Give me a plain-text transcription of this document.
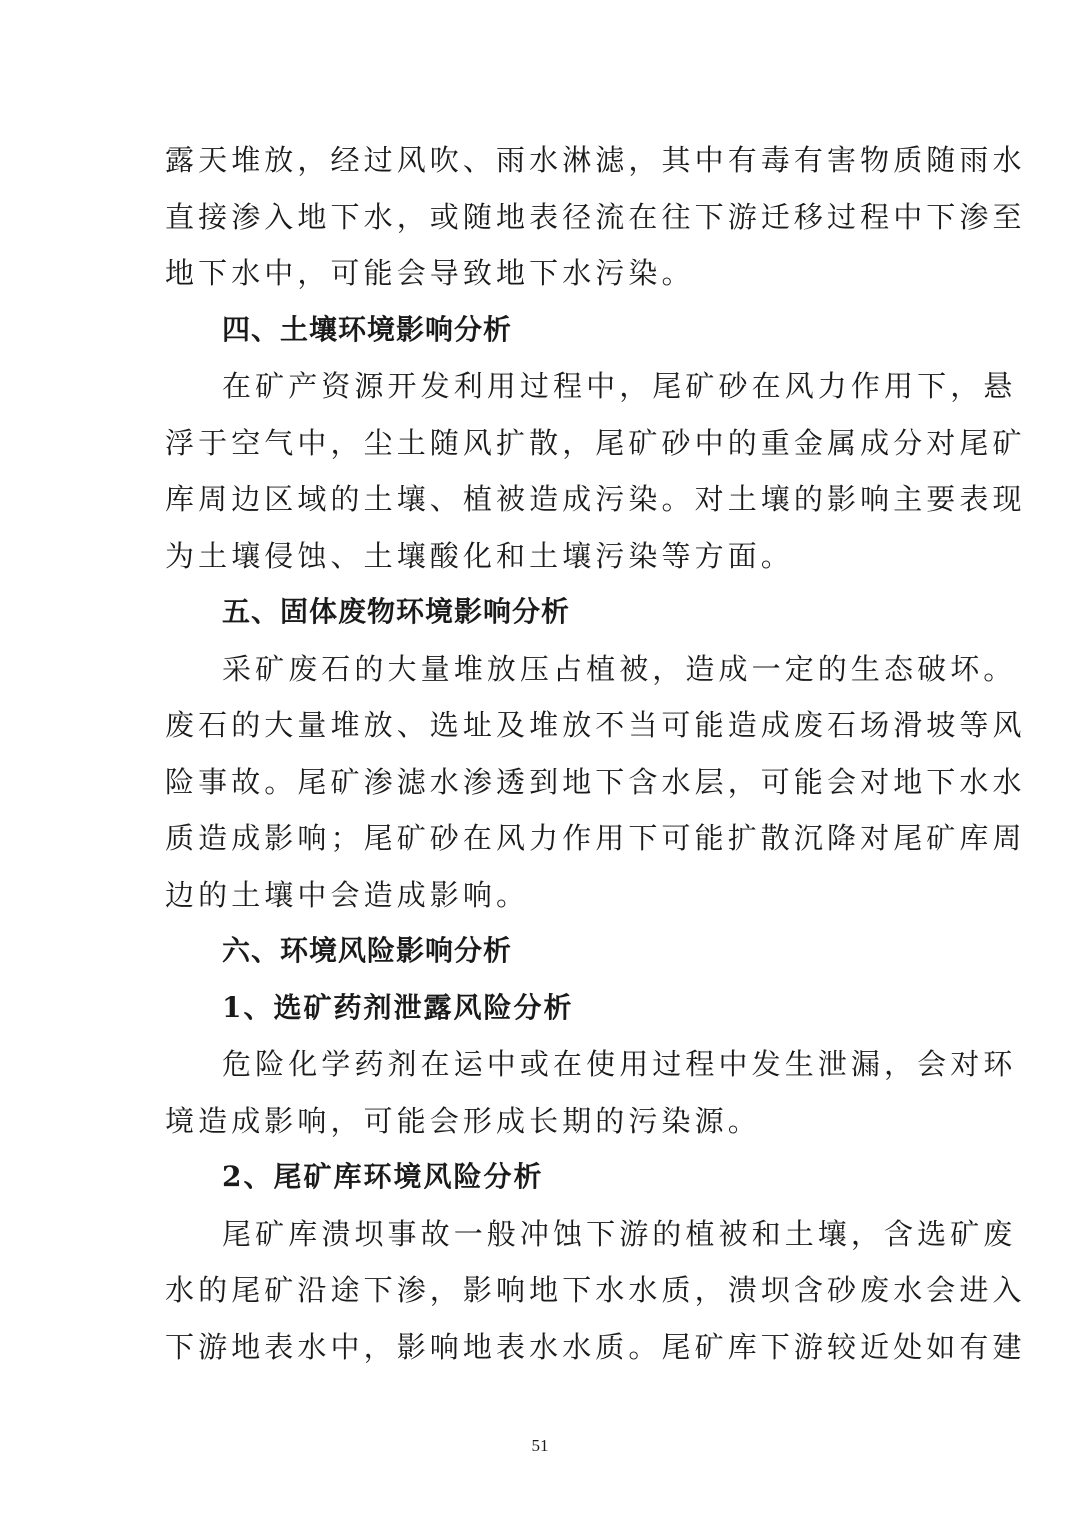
露天堆放，经过风吹、雨水淋滤，其中有毒有害物质随雨水
直接渗入地下水，或随地表径流在往下游迁移过程中下渗至
地下水中，可能会导致地下水污染。
四、土壤环境影响分析
在矿产资源开发利用过程中，尾矿砂在风力作用下，悬
浮于空气中，尘土随风扩散，尾矿砂中的重金属成分对尾矿
库周边区域的土壤、植被造成污染。对土壤的影响主要表现
为土壤侵蚀、土壤酸化和土壤污染等方面。
五、固体废物环境影响分析
采矿废石的大量堆放压占植被，造成一定的生态破坏。
废石的大量堆放、选址及堆放不当可能造成废石场滑坡等风
险事故。尾矿渗滤水渗透到地下含水层，可能会对地下水水
质造成影响；尾矿砂在风力作用下可能扩散沉降对尾矿库周
边的土壤中会造成影响。
六、环境风险影响分析
1、选矿药剂泄露风险分析
危险化学药剂在运中或在使用过程中发生泄漏，会对环
境造成影响，可能会形成长期的污染源。
2、尾矿库环境风险分析
尾矿库溃坝事故一般冲蚀下游的植被和土壤，含选矿废
水的尾矿沿途下渗，影响地下水水质，溃坝含砂废水会进入
下游地表水中，影响地表水水质。尾矿库下游较近处如有建
51
